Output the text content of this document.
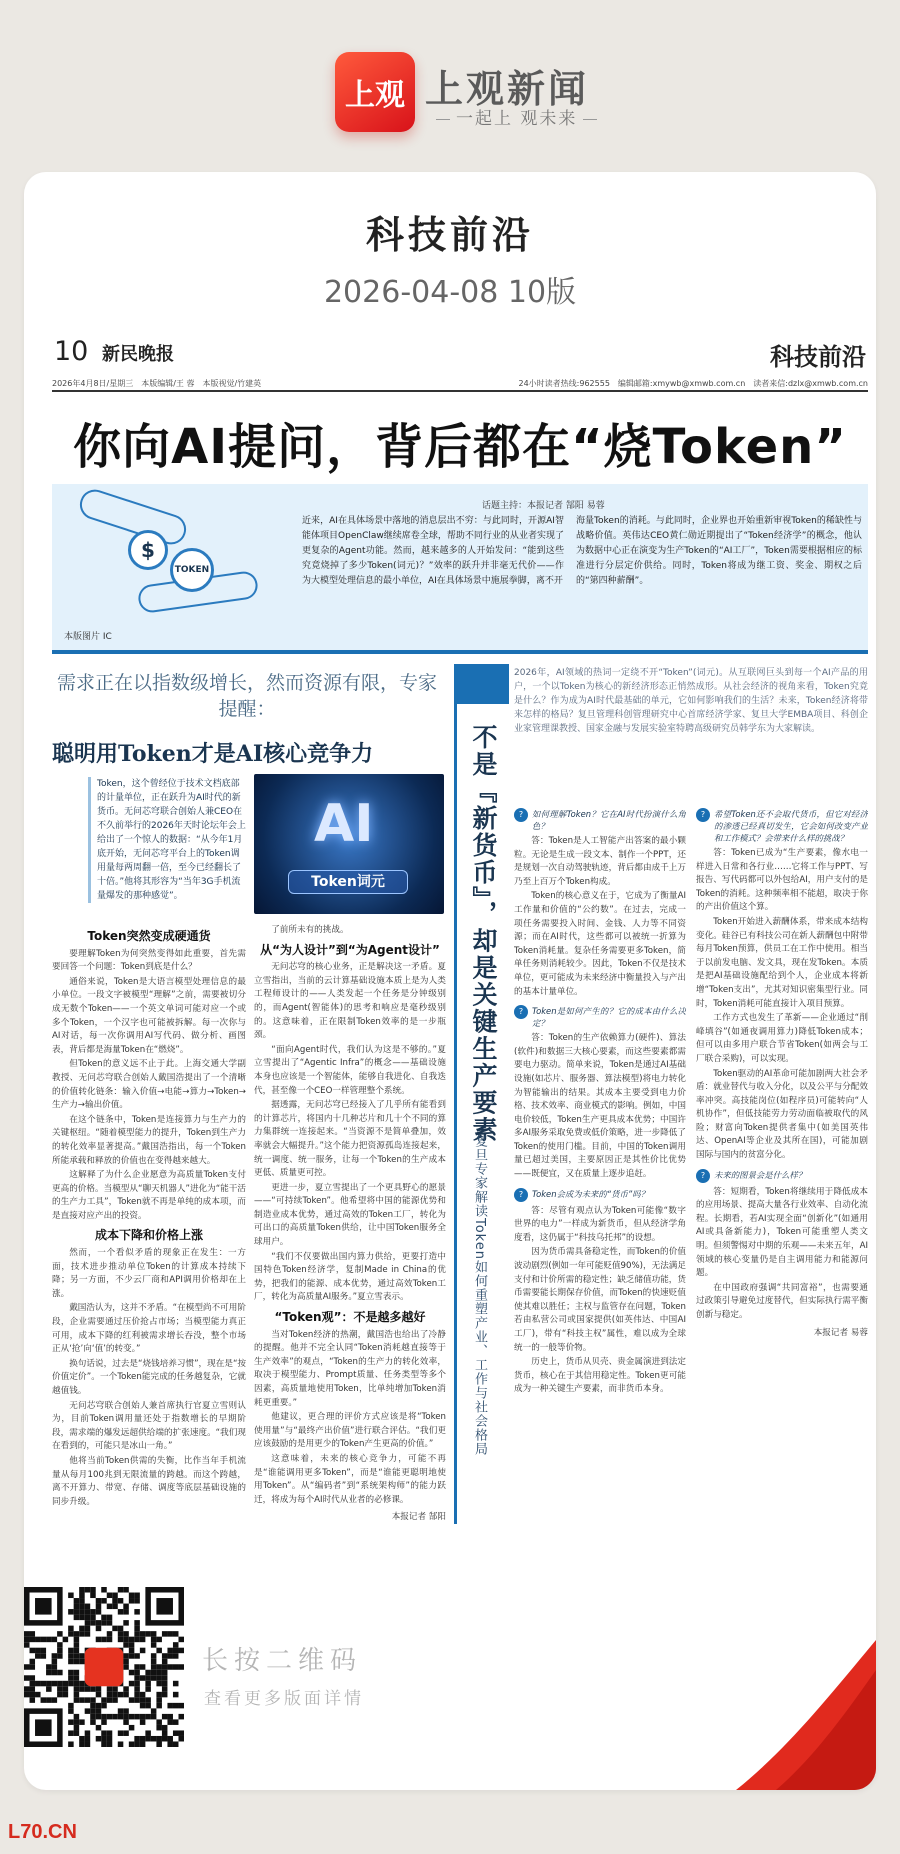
上观 上观新闻
一起上 观未来
科技前沿
2026-04-08 10版
10 新民晚报	科技前沿
2026年4月8日/星期三　本版编辑/王 蓉　本版视觉/竹建英	24小时读者热线:962555　编辑邮箱:xmywb@xmwb.com.cn　读者来信:dzlx@xmwb.com.cn
你向AI提问，背后都在“烧Token”
$
TOKEN
本版图片 IC
话题主持：本报记者 郜阳 易蓉
近来，AI在具体场景中落地的消息层出不穷：与此同时，开源AI智能体项目OpenClaw继续席卷全球，帮助不同行业的从业者实现了更复杂的Agent功能。然而，越来越多的人开始发问：“能到这些究竟烧掉了多少Token(词元)？”效率的跃升并非毫无代价——作为大模型处理信息的最小单位，AI在具体场景中施展拳脚，离不开
海量Token的消耗。与此同时，企业界也开始重新审视Token的稀缺性与战略价值。英伟达CEO黄仁勋近期提出了“Token经济学”的概念，他认为数据中心正在演变为生产Token的“AI工厂”，Token需要根据相应的标准进行分层定价供给。同时，Token将成为继工资、奖金、期权之后的“第四种薪酬”。
需求正在以指数级增长，然而资源有限，专家提醒：
聪明用Token才是AI核心竞争力
Token，这个曾经位于技术文档底部的计量单位，正在跃升为AI时代的新货币。无问芯穹联合创始人兼CEO在不久前举行的2026年天时论坛年会上给出了一个惊人的数据：“从今年1月底开始，无问芯穹平台上的Token调用量每两周翻一倍，至今已经翻长了十倍。”他将其形容为“当年3G手机流量爆发的那种感觉”。
AI
Token词元
Token突然变成硬通货

要理解Token为何突然变得如此重要，首先需要回答一个问题：Token到底是什么？

通俗来说，Token是大语言模型处理信息的最小单位。一段文字被模型“理解”之前，需要被切分成无数个Token——一个英文单词可能对应一个或多个Token，一个汉字也可能被拆解。每一次你与AI对话，每一次你调用AI写代码、做分析、画图表，背后都是海量Token在“燃烧”。

但Token的意义远不止于此。上海交通大学副教授、无问芯穹联合创始人戴国浩提出了一个清晰的价值转化链条：输入价值→电能→算力→Token→生产力→输出价值。

在这个链条中，Token是连接算力与生产力的关键枢纽。“随着模型能力的提升，Token到生产力的转化效率显著提高。”戴国浩指出，每一个Token所能承载和释放的价值也在变得越来越大。

这解释了为什么企业愿意为高质量Token支付更高的价格。当模型从“聊天机器人”进化为“能干活的生产力工具”，Token就不再是单纯的成本项，而是直接对应产出的投资。

成本下降和价格上涨

然而，一个看似矛盾的现象正在发生：一方面，技术进步推动单位Token的计算成本持续下降；另一方面，不少云厂商和API调用价格却在上涨。

戴国浩认为，这并不矛盾。“在模型尚不可用阶段，企业需要通过压价抢占市场；当模型能力真正可用，成本下降的红利被需求增长吞没，整个市场正从‘抢’向‘值’的转变。”

换句话说，过去是“烧钱培养习惯”，现在是“按价值定价”。一个Token能完成的任务越复杂，它就越值钱。

无问芯穹联合创始人兼首席执行官夏立雪则认为，目前Token调用量还处于指数增长的早期阶段，需求端的爆发远超供给端的扩张速度。“我们现在看到的，可能只是冰山一角。”

他将当前Token供需的失衡，比作当年手机流量从每月100兆到无限流量的跨越。而这个跨越，离不开算力、带宽、存储、调度等底层基础设施的同步升级。

了前所未有的挑战。

从“为人设计”到“为Agent设计”

无问芯穹的核心业务，正是解决这一矛盾。夏立雪指出，当前的云计算基础设施本质上是为人类工程师设计的——人类发起一个任务是分钟级别的，而Agent(智能体)的思考和响应是毫秒级别的。这意味着，正在限制Token效率的是一步瓶颈。

“面向Agent时代，我们认为这是不够的。”夏立雪提出了“Agentic Infra”的概念——基础设施本身也应该是一个智能体，能够自我进化、自我迭代，甚至像一个CEO一样管理整个系统。

据透露，无问芯穹已经接入了几乎所有能看到的计算芯片，将国内十几种芯片和几十个不同的算力集群统一连接起来。“当资源不是简单叠加，效率就会大幅提升。”这个能力把资源孤岛连接起来，统一调度、统一服务，让每一个Token的生产成本更低、质量更可控。

更进一步，夏立雪提出了一个更具野心的愿景——“可持续Token”。他希望将中国的能源优势和制造业成本优势，通过高效的Token工厂，转化为可出口的高质量Token供给，让中国Token服务全球用户。

“我们不仅要做出国内算力供给，更要打造中国特色Token经济学，复制Made in China的优势，把我们的能源、成本优势，通过高效Token工厂，转化为高质量AI服务。”夏立雪表示。

“Token观”：不是越多越好

当对Token经济的热潮，戴国浩也给出了冷静的提醒。他并不完全认同“Token消耗越直接等于生产效率”的观点，“Token的生产力的转化效率，取决于模型能力、Prompt质量、任务类型等多个因素，高质量地使用Token，比单纯增加Token消耗更重要。”

他建议，更合理的评价方式应该是将“Token使用量”与“最终产出价值”进行联合评估。“我们更应该鼓励的是用更少的Token产生更高的价值。”

这意味着，未来的核心竞争力，可能不再是“谁能调用更多Token”，而是“谁能更聪明地使用Token”。从“编码者”到“系统架构师”的能力跃迁，将成为每个AI时代从业者的必修课。

本报记者 郜阳
不是『新货币』，却是关键生产要素
复旦专家解读Token如何重塑产业、工作与社会格局
2026年，AI领域的热词一定绕不开“Token”(词元)。从互联网巨头到每一个AI产品的用户，一个以Token为核心的新经济形态正悄然成形。从社会经济的视角来看，Token究竟是什么？作为成为AI时代最基础的单元，它如何影响我们的生活？未来，Token经济将带来怎样的格局？复旦管理科创管理研究中心首席经济学家、复旦大学EMBA项目、科创企业家管理课教授、国家金融与发展实验室特聘高级研究员韩学东为大家解读。
?	如何理解Token？它在AI时代扮演什么角色？

答：Token是人工智能产出答案的最小颗粒。无论是生成一段文本、制作一个PPT，还是规划一次自动驾驶轨迹，背后都由成千上万乃至上百万个Token构成。

Token的核心意义在于，它成为了衡量AI工作量和价值的“公约数”。在过去，完成一项任务需要投入时间、金钱、人力等不同资源；而在AI时代，这些都可以被统一折算为Token消耗量。复杂任务需要更多Token，简单任务则消耗较少。因此，Token不仅是技术单位，更可能成为未来经济中衡量投入与产出的基本计量单位。

?	Token是如何产生的？它的成本由什么决定？

答：Token的生产依赖算力(硬件)、算法(软件)和数据三大核心要素，而这些要素都需要电力驱动。简单来说，Token是通过AI基础设施(如芯片、服务器、算法模型)将电力转化为智能输出的结果。其成本主要受到电力价格、技术效率、商业模式的影响。例如，中国电价较低，Token生产更具成本优势；中国许多AI服务采取免费或低价策略，进一步降低了Token的使用门槛。目前，中国的Token调用量已超过美国，主要原因正是其性价比优势——既便宜，又在质量上逐步追赶。

?	Token会成为未来的“货币”吗？

答：尽管有观点认为Token可能像“数字世界的电力”一样成为新货币，但从经济学角度看，这仍属于“科技乌托邦”的设想。

因为货币需具备稳定性，而Token的价值波动剧烈(例如一年可能贬值90%)，无法满足支付和计价所需的稳定性；缺乏储值功能，货币需要能长期保存价值，而Token的快速贬值使其难以胜任；主权与监管存在问题，Token若由私营公司或国家提供(如英伟达、中国AI工厂)，带有“科技主权”属性，难以成为全球统一的一般等价物。

历史上，货币从贝壳、贵金属演进到法定货币，核心在于其信用稳定性。Token更可能成为一种关键生产要素，而非货币本身。

?	希望Token还不会取代货币，但它对经济的渗透已经真切发生，它会如何改变产业和工作模式？会带来什么样的挑战？

答：Token已成为“生产要素，像水电一样进入日常和各行业……它将工作与PPT、写报告、写代码都可以外包给AI，用户支付的是Token的消耗。这种频率相不能超，取决于你的产出价值这个算。

Token开始进入薪酬体系，带来成本结构变化。硅谷已有科技公司在新人薪酬包中附带每月Token预算，供员工在工作中使用。相当于以前发电脑、发文具，现在发Token。本质是把AI基础设施配给到个人，企业成本将新增“Token支出”，尤其对知识密集型行业。同时，Token消耗可能直接计入项目预算。

工作方式也发生了革新——企业通过“削峰填谷”(如通夜调用算力)降低Token成本；但可以由多用户联合节省Token(如两会与工厂联合采购)，可以实现。

Token驱动的AI革命可能加剧两大社会矛盾：就业替代与收入分化，以及公平与分配效率冲突。高技能岗位(如程序员)可能转向“人机协作”，但低技能劳力劳动面临被取代的风险；财富向Token提供者集中(如美国英伟达、OpenAI等企业及其所在国)，可能加剧国际与国内的贫富分化。

?	未来的图景会是什么样？

答：短期看，Token将继续用于降低成本的应用场景、提高大量各行业效率、自动化流程。长期看，若AI实现全面“创新化”(如通用AI或具备新能力)，Token可能重塑人类文明。但须警惕对中期的乐观——未来五年，AI领域的核心变量仍是自主调用能力和能源问题。

在中国政府强调“共同富裕”，也需要通过政策引导避免过度替代，但实际执行需平衡创新与稳定。

本报记者 易蓉
长按二维码
查看更多版面详情
L70.CN
